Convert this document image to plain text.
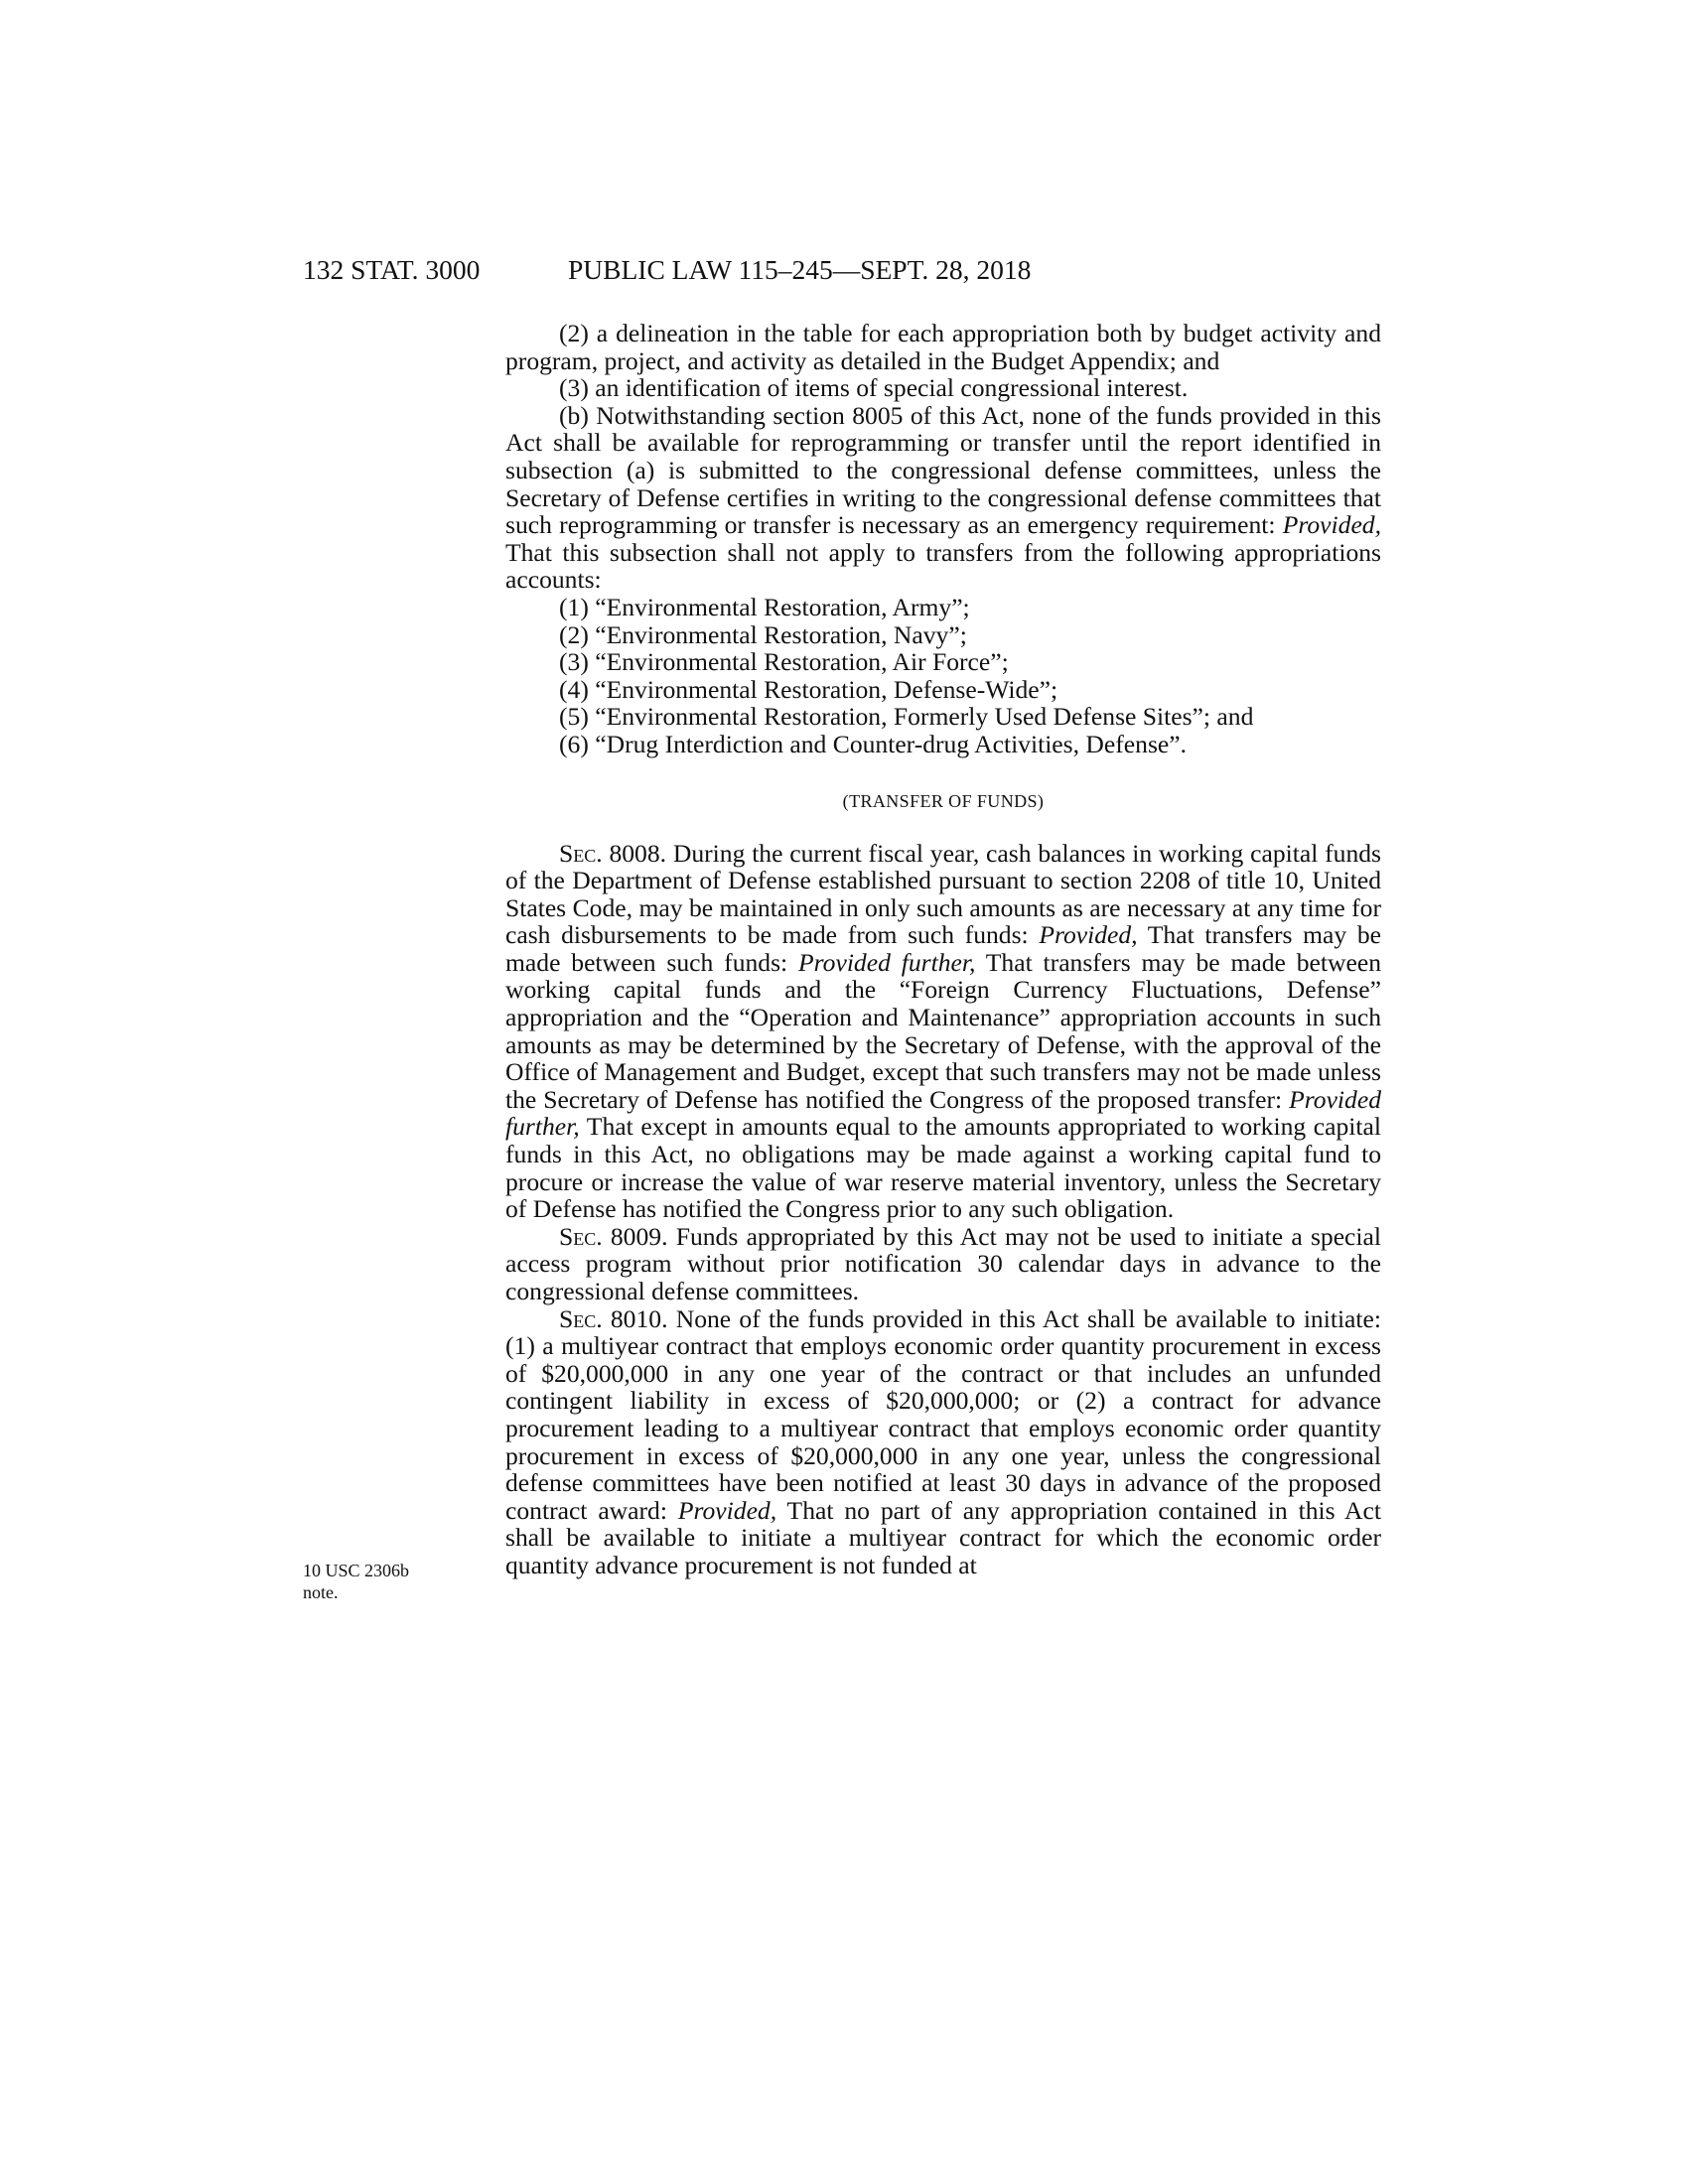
132 STAT. 3000	PUBLIC LAW 115–245—SEPT. 28, 2018
10 USC 2306b
note.

(2) a delineation in the table for each appropriation both by budget activity and program, project, and activity as detailed in the Budget Appendix; and

(3) an identification of items of special congressional interest.

(b) Notwithstanding section 8005 of this Act, none of the funds provided in this Act shall be available for reprogramming or transfer until the report identified in subsection (a) is submitted to the congressional defense committees, unless the Secretary of Defense certifies in writing to the congressional defense committees that such reprogramming or transfer is necessary as an emergency requirement: Provided, That this subsection shall not apply to transfers from the following appropriations accounts:

(1) “Environmental Restoration, Army”;

(2) “Environmental Restoration, Navy”;

(3) “Environmental Restoration, Air Force”;

(4) “Environmental Restoration, Defense-Wide”;

(5) “Environmental Restoration, Formerly Used Defense Sites”; and

(6) “Drug Interdiction and Counter-drug Activities, Defense”.

(TRANSFER OF FUNDS)

Sec. 8008. During the current fiscal year, cash balances in working capital funds of the Department of Defense established pursuant to section 2208 of title 10, United States Code, may be maintained in only such amounts as are necessary at any time for cash disbursements to be made from such funds: Provided, That transfers may be made between such funds: Provided further, That transfers may be made between working capital funds and the “Foreign Currency Fluctuations, Defense” appropriation and the “Operation and Maintenance” appropriation accounts in such amounts as may be determined by the Secretary of Defense, with the approval of the Office of Management and Budget, except that such transfers may not be made unless the Secretary of Defense has notified the Congress of the proposed transfer: Provided further, That except in amounts equal to the amounts appropriated to working capital funds in this Act, no obligations may be made against a working capital fund to procure or increase the value of war reserve material inventory, unless the Secretary of Defense has notified the Congress prior to any such obligation.

Sec. 8009. Funds appropriated by this Act may not be used to initiate a special access program without prior notification 30 calendar days in advance to the congressional defense committees.

Sec. 8010. None of the funds provided in this Act shall be available to initiate: (1) a multiyear contract that employs economic order quantity procurement in excess of $20,000,000 in any one year of the contract or that includes an unfunded contingent liability in excess of $20,000,000; or (2) a contract for advance procurement leading to a multiyear contract that employs economic order quantity procurement in excess of $20,000,000 in any one year, unless the congressional defense committees have been notified at least 30 days in advance of the proposed contract award: Provided, That no part of any appropriation contained in this Act shall be available to initiate a multiyear contract for which the economic order quantity advance procurement is not funded at
